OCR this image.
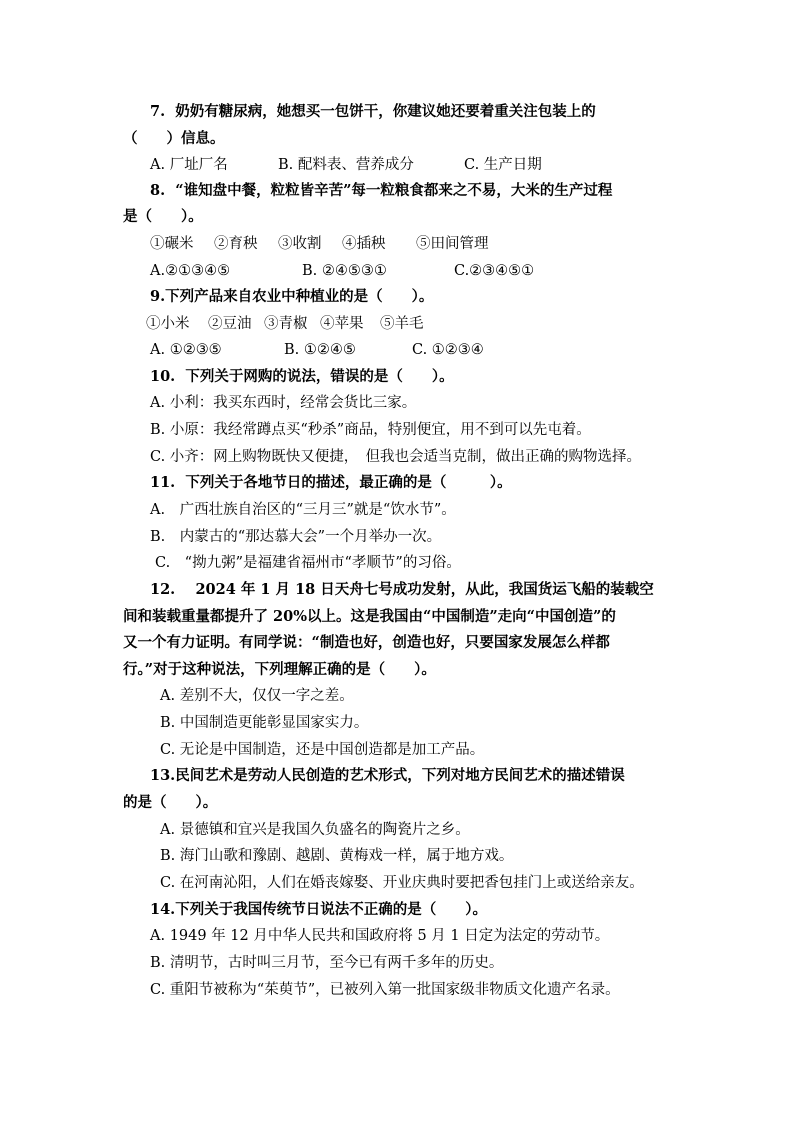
7. 奶奶有糖尿病，她想买一包饼干，你建议她还要着重关注包装上的
（　　）信息。
A. 厂址厂名	B. 配料表、营养成分	C. 生产日期
8. “谁知盘中餐，粒粒皆辛苦”每一粒粮食都来之不易，大米的生产过程
是（　　）。
①碾米 ②育秧 ③收割 ④插秧 ⑤田间管理
A.②①③④⑤	B. ②④⑤③①	C.②③④⑤①
9.下列产品来自农业中种植业的是（　　）。
①小米 ②豆油 ③青椒 ④苹果 ⑤羊毛
A. ①②③⑤	B. ①②④⑤	C. ①②③④
10. 下列关于网购的说法，错误的是（　　）。
A. 小利：我买东西时，经常会货比三家。
B. 小原：我经常蹲点买“秒杀”商品，特别便宜，用不到可以先屯着。
C. 小齐：网上购物既快又便捷，　但我也会适当克制，做出正确的购物选择。
11. 下列关于各地节日的描述，最正确的是（　　　）。
A.　广西壮族自治区的“三月三”就是“饮水节”。
B.　内蒙古的“那达慕大会”一个月举办一次。
C.　“拗九粥”是福建省福州市“孝顺节”的习俗。
12. 2024 年 1 月 18 日天舟七号成功发射，从此，我国货运飞船的装载空
间和装载重量都提升了 20%以上。这是我国由“中国制造”走向“中国创造”的
又一个有力证明。有同学说：“制造也好，创造也好，只要国家发展怎么样都
行。”对于这种说法，下列理解正确的是（　　）。
A. 差别不大，仅仅一字之差。
B. 中国制造更能彰显国家实力。
C. 无论是中国制造，还是中国创造都是加工产品。
13.民间艺术是劳动人民创造的艺术形式，下列对地方民间艺术的描述错误
的是（　　）。
A. 景德镇和宜兴是我国久负盛名的陶瓷片之乡。
B. 海门山歌和豫剧、越剧、黄梅戏一样，属于地方戏。
C. 在河南沁阳，人们在婚丧嫁娶、开业庆典时要把香包挂门上或送给亲友。
14.下列关于我国传统节日说法不正确的是（　　）。
A. 1949 年 12 月中华人民共和国政府将 5 月 1 日定为法定的劳动节。
B. 清明节，古时叫三月节，至今已有两千多年的历史。
C. 重阳节被称为“茱萸节”，已被列入第一批国家级非物质文化遗产名录。
